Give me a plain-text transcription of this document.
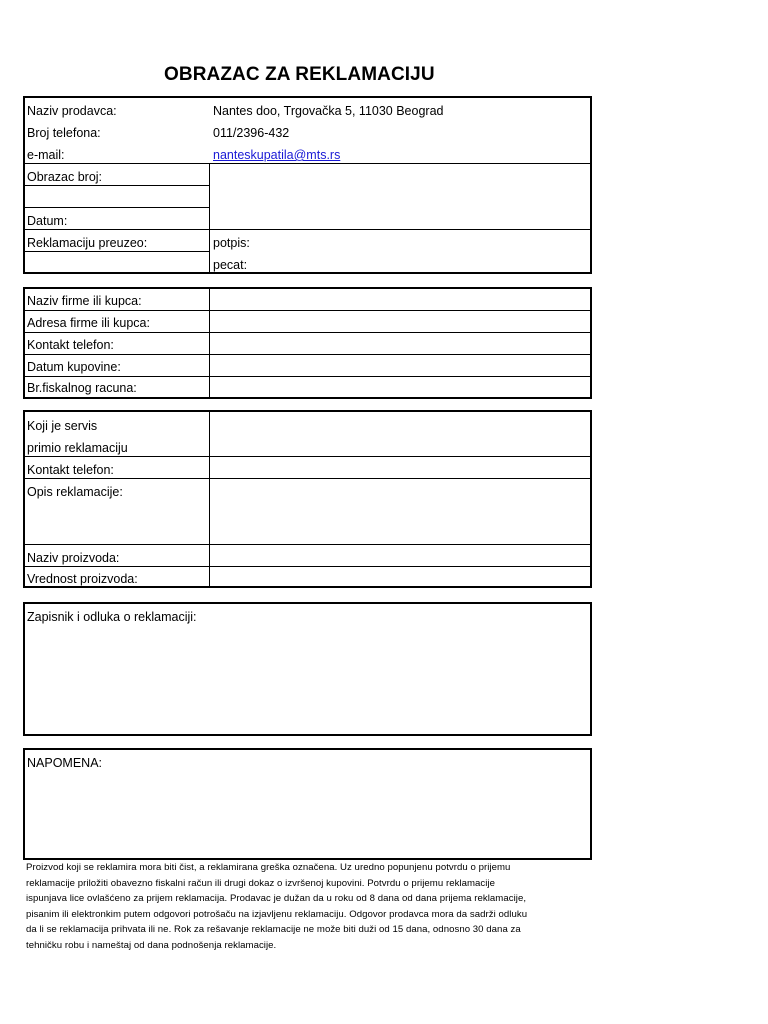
OBRAZAC ZA REKLAMACIJU
Naziv prodavca:	Nantes doo, Trgovačka 5, 11030 Beograd
Broj telefona:	011/2396-432
e-mail:	nanteskupatila@mts.rs
Obrazac broj:
Datum:
Reklamaciju preuzeo:	potpis:
pecat:
Naziv firme ili kupca:
Adresa firme ili kupca:
Kontakt telefon:
Datum kupovine:
Br.fiskalnog racuna:
Koji je servis
primio reklamaciju
Kontakt telefon:
Opis reklamacije:
Naziv proizvoda:
Vrednost proizvoda:
Zapisnik i odluka o reklamaciji:
NAPOMENA:
Proizvod koji se reklamira mora biti čist, a reklamirana greška označena. Uz uredno popunjenu potvrdu o prijemu
reklamacije priložiti obavezno fiskalni račun ili drugi dokaz o izvršenoj kupovini. Potvrdu o prijemu reklamacije
ispunjava lice ovlašćeno za prijem reklamacija. Prodavac je dužan da u roku od 8 dana od dana prijema reklamacije,
pisanim ili elektronkim putem odgovori potrošaču na izjavljenu reklamaciju. Odgovor prodavca mora da sadrži odluku
da li se reklamacija prihvata ili ne. Rok za rešavanje reklamacije ne može biti duži od 15 dana, odnosno 30 dana za
tehničku robu i nameštaj od dana podnošenja reklamacije.
